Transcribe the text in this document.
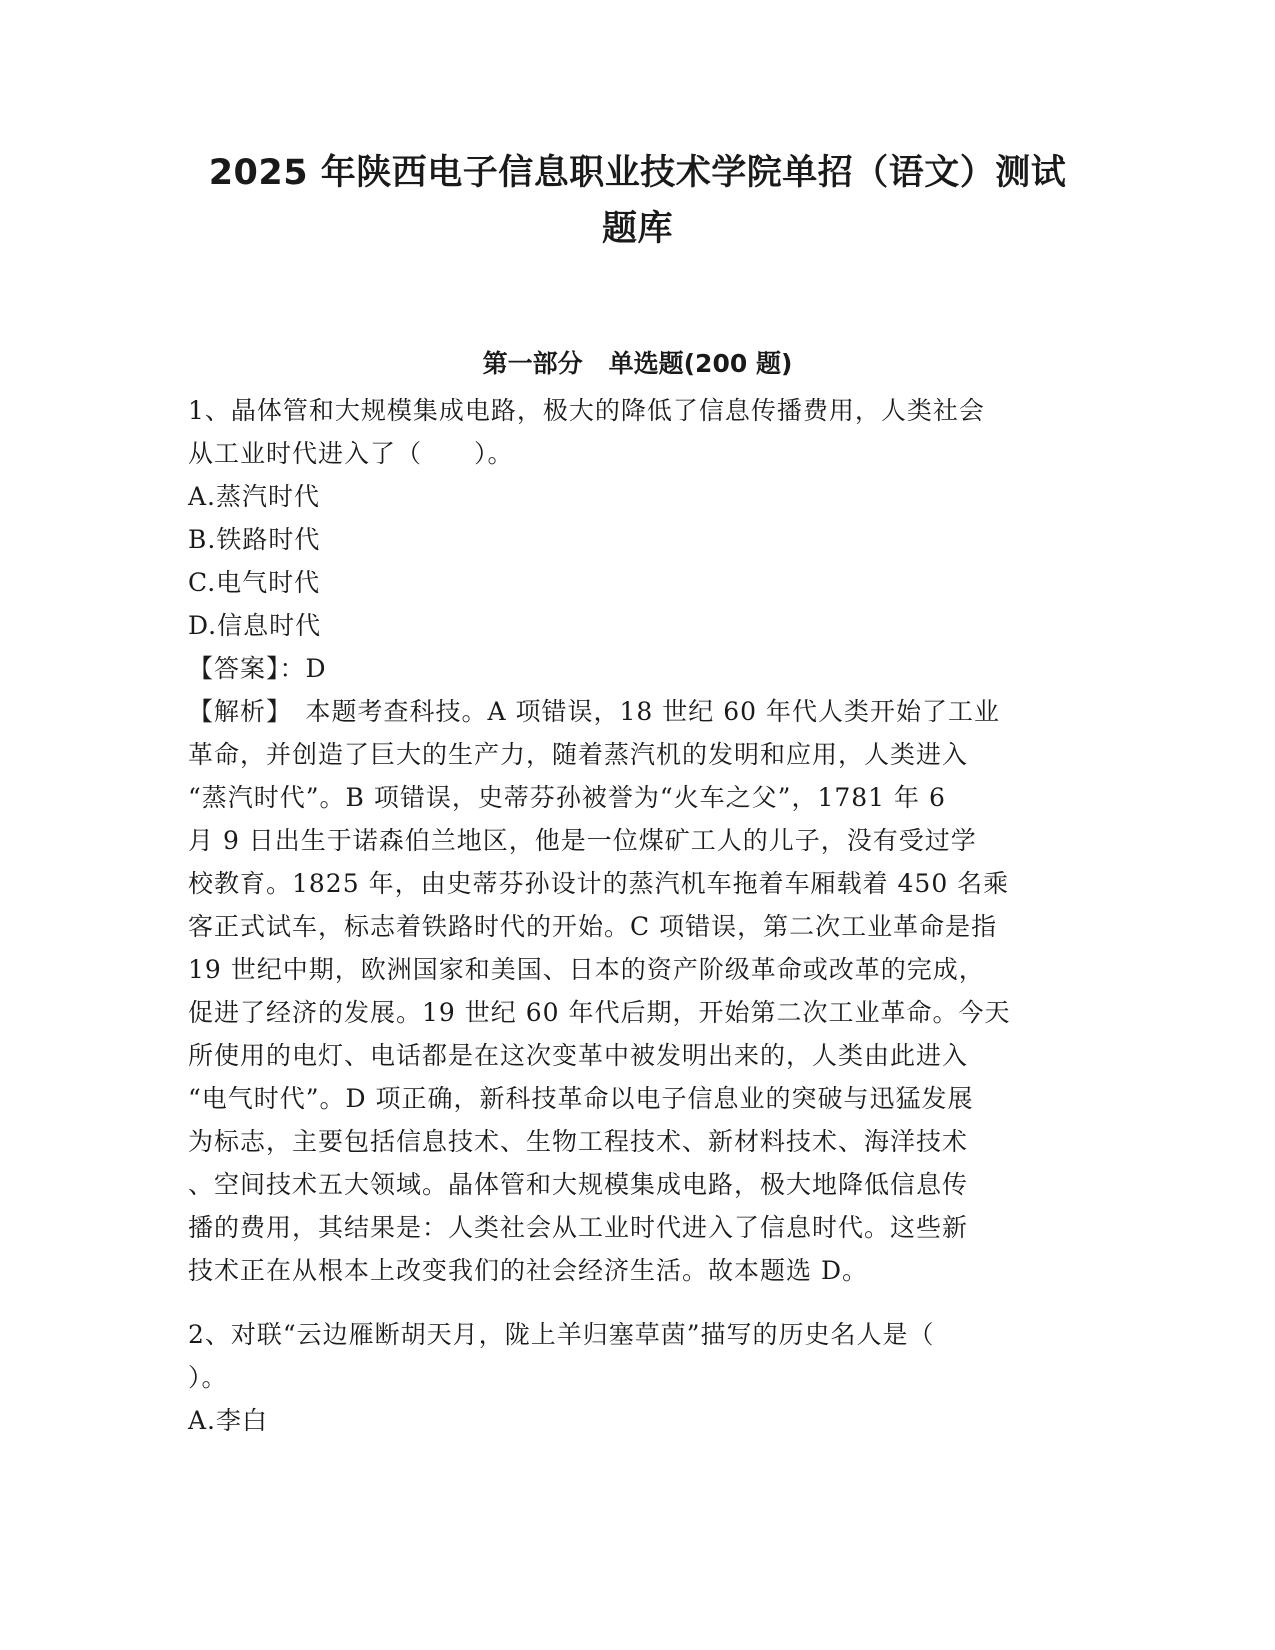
2025 年陕西电子信息职业技术学院单招（语文）测试
题库
第一部分 单选题(200 题)
1、晶体管和大规模集成电路，极大的降低了信息传播费用，人类社会
从工业时代进入了（　　）。
A.蒸汽时代
B.铁路时代
C.电气时代
D.信息时代
【答案】：D
【解析】　本题考查科技。A 项错误，18 世纪 60 年代人类开始了工业
革命，并创造了巨大的生产力，随着蒸汽机的发明和应用，人类进入
“蒸汽时代”。B 项错误，史蒂芬孙被誉为“火车之父”，1781 年 6
月 9 日出生于诺森伯兰地区，他是一位煤矿工人的儿子，没有受过学
校教育。1825 年，由史蒂芬孙设计的蒸汽机车拖着车厢载着 450 名乘
客正式试车，标志着铁路时代的开始。C 项错误，第二次工业革命是指
19 世纪中期，欧洲国家和美国、日本的资产阶级革命或改革的完成，
促进了经济的发展。19 世纪 60 年代后期，开始第二次工业革命。今天
所使用的电灯、电话都是在这次变革中被发明出来的，人类由此进入
“电气时代”。D 项正确，新科技革命以电子信息业的突破与迅猛发展
为标志，主要包括信息技术、生物工程技术、新材料技术、海洋技术
、空间技术五大领域。晶体管和大规模集成电路，极大地降低信息传
播的费用，其结果是：人类社会从工业时代进入了信息时代。这些新
技术正在从根本上改变我们的社会经济生活。故本题选 D。
2、对联“云边雁断胡天月，陇上羊归塞草茵”描写的历史名人是（
）。
A.李白
